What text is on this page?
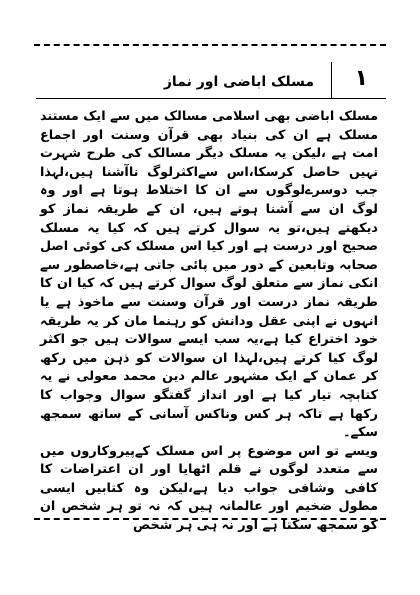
مسلک اباضی اور نماز ۱

مسلک اباضی بھی اسلامی مسالک میں سے ایک مستند مسلک ہے ان کی بنیاد بھی قرآن وسنت اور اجماع امت ہے ،لیکن یہ مسلک دیگر مسالک کی طرح شہرت نہیں حاصل کرسکا،اس سےاکثرلوگ ناآشنا ہیں،لہذا جب دوسرےلوگوں سے ان کا اختلاط ہوتا ہے اور وہ لوگ ان سے آشنا ہوتے ہیں، ان کے طریقہ نماز کو دیکھتے ہیں،تو یہ سوال کرتے ہیں کہ کیا یہ مسلک صحیح اور درست ہے اور کیا اس مسلک کی کوئی اصل صحابہ وتابعین کے دور میں پائی جاتی ہے،خاصطور سے انکی نماز سے متعلق لوگ سوال کرتے ہیں کہ کیا ان کا طریقہ نماز درست اور قرآن وسنت سے ماخوذ ہے یا انہوں نے اپنی عقل ودانش کو رہنما مان کر یہ طریقہ خود اختراع کیا ہے،یہ سب ایسے سوالات ہیں جو اکثر لوگ کیا کرتے ہیں،لہذا ان سوالات کو ذہن میں رکھ کر عمان کے ایک مشہور عالم دین محمد معولی نے یہ کتابچہ تیار کیا ہے اور انداز گفتگو سوال وجواب کا رکھا ہے تاکہ ہر کس وناکس آسانی کے ساتھ سمجھ سکے۔

ویسے تو اس موضوع پر اس مسلک کےپیروکاروں میں سے متعدد لوگوں نے قلم اٹھایا اور ان اعتراضات کا کافی وشافی جواب دیا ہے،لیکن وہ کتابیں ایسی مطول ضخیم اور عالمانہ ہیں کہ نہ تو ہر شخص ان کو سمجھ سکتا ہے اور نہ ہی ہر شخص
